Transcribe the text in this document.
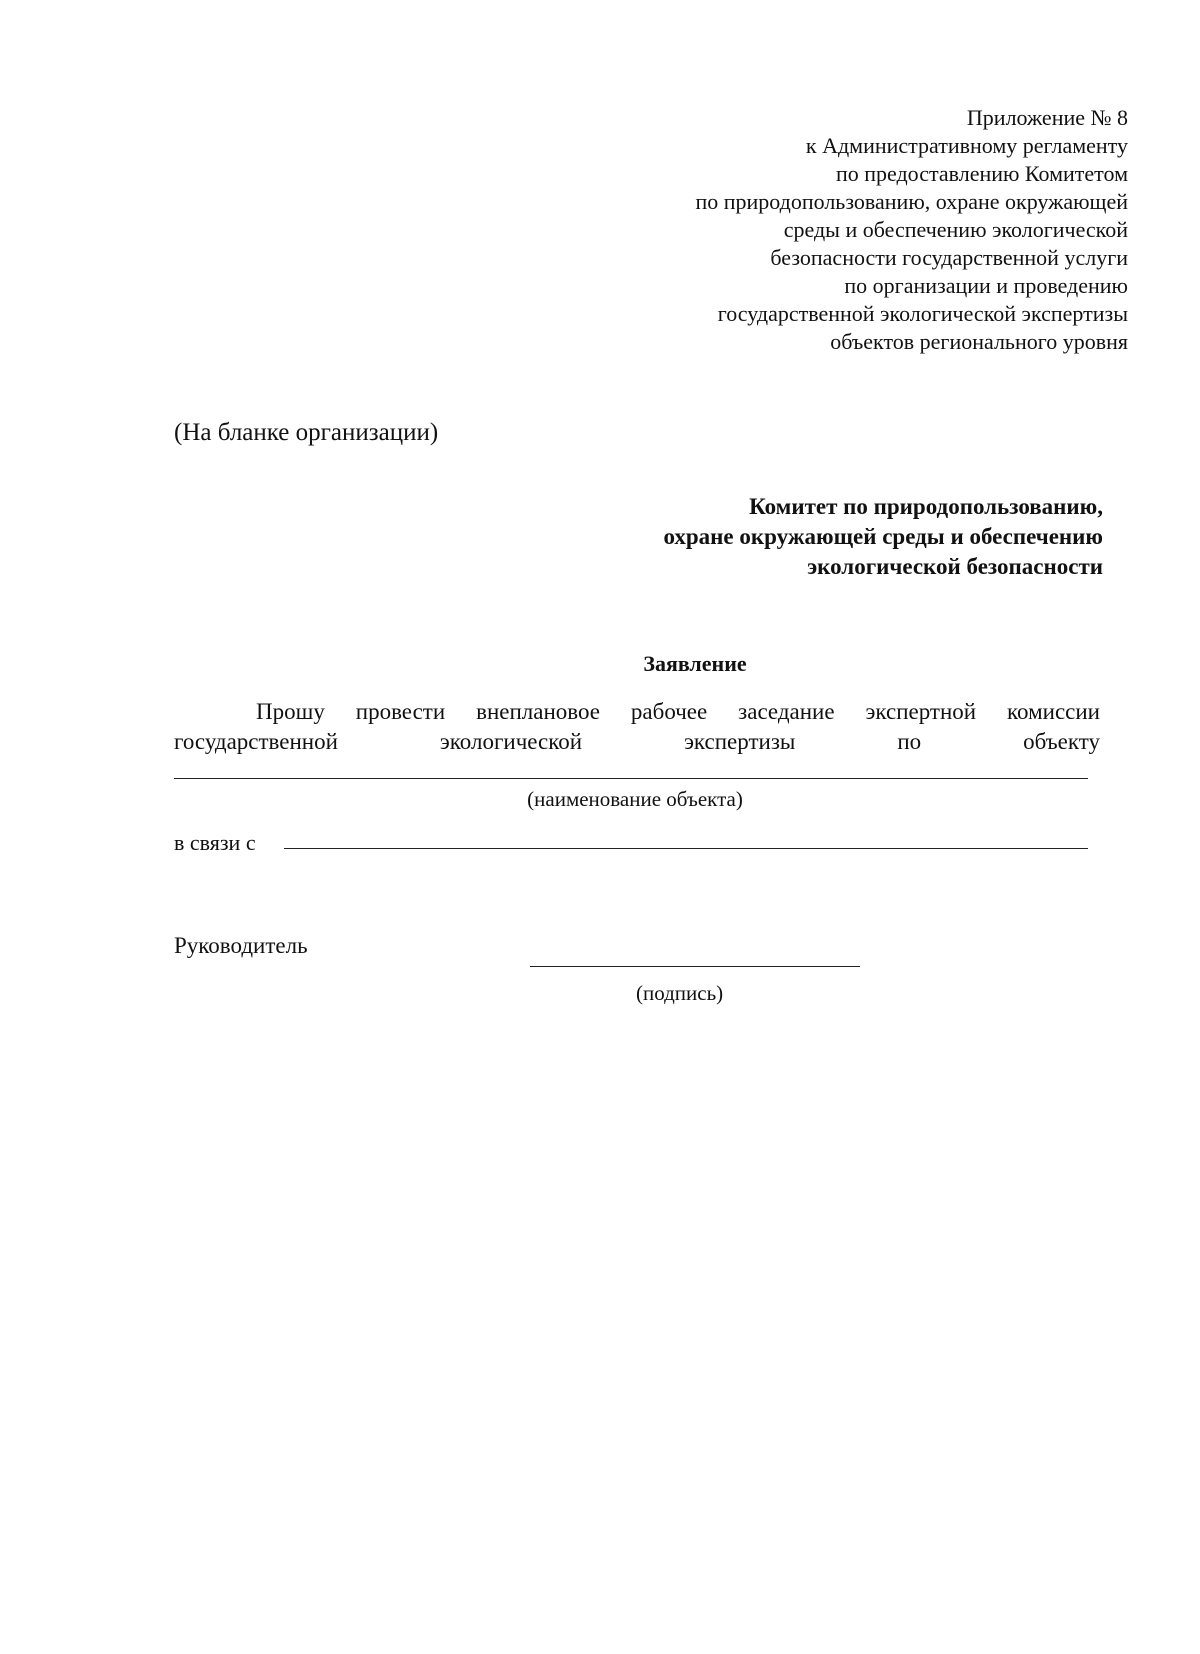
Приложение № 8
к Административному регламенту
по предоставлению Комитетом
по природопользованию, охране окружающей
среды и обеспечению экологической
безопасности государственной услуги
по организации и проведению
государственной экологической экспертизы
объектов регионального уровня
(На бланке организации)
Комитет по природопользованию,
охране окружающей среды и обеспечению
экологической безопасности
Заявление
Прошу провести внеплановое рабочее заседание экспертной комиссии
государственной	экологической	экспертизы	по	объекту
(наименование объекта)
в связи с
Руководитель
(подпись)
